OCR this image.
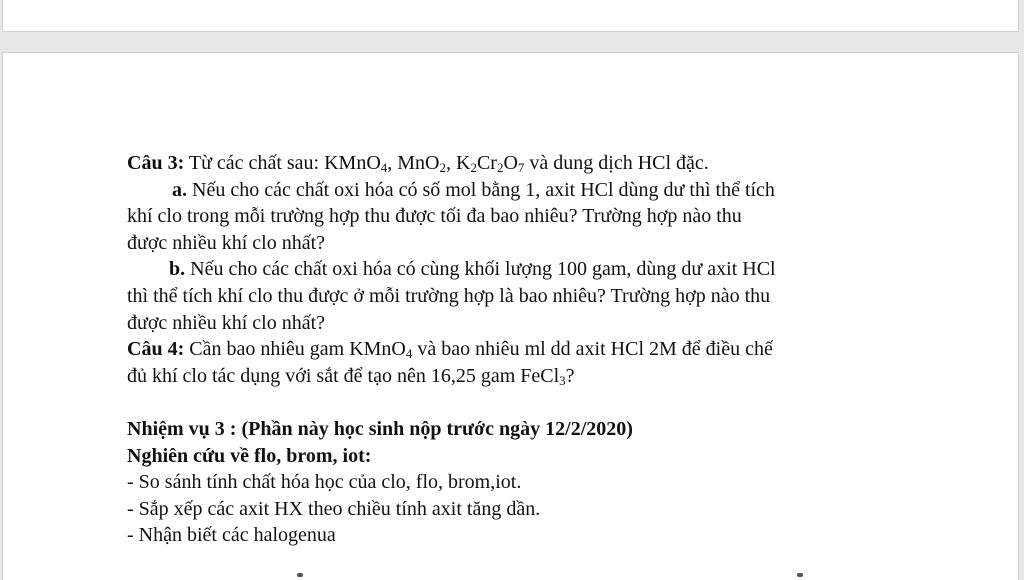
Câu 3: Từ các chất sau: KMnO$_4$, MnO$_2$, $K_2Cr_2O_7$ và dung dịch HCl đặc.

a. Nếu cho các chất oxi hóa có số mol bằng 1, axit HCl dùng dư thì thể tích

khí clo trong mỗi trường hợp thu được tối đa bao nhiêu? Trường hợp nào thu

được nhiều khí clo nhất?

b. Nếu cho các chất oxi hóa có cùng khối lượng 100 gam, dùng dư axit HCl

thì thể tích khí clo thu được ở mỗi trường hợp là bao nhiêu? Trường hợp nào thu

được nhiều khí clo nhất?

Câu 4: Cần bao nhiêu gam KMnO$_4$ và bao nhiêu ml dd axit HCl 2M để điều chế

đủ khí clo tác dụng với sắt để tạo nên 16,25 gam FeCl$_3$?

Nhiệm vụ 3 : (Phần này học sinh nộp trước ngày 12/2/2020)

Nghiên cứu về flo, brom, iot:

- So sánh tính chất hóa học của clo, flo, brom,iot.

- Sắp xếp các axit HX theo chiều tính axit tăng dần.

- Nhận biết các halogenua
